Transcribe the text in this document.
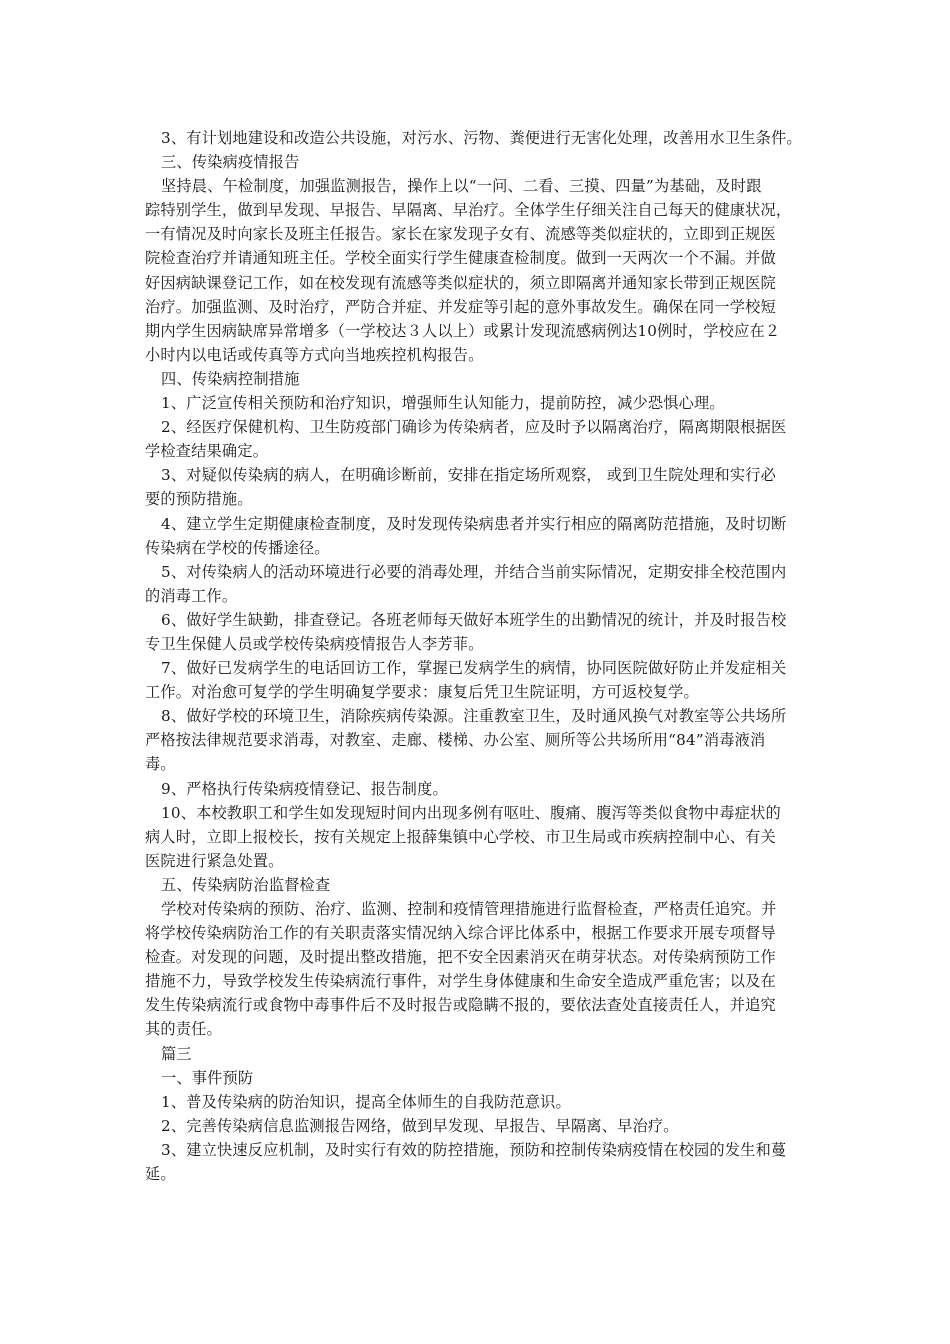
3、有计划地建设和改造公共设施，对污水、污物、粪便进行无害化处理，改善用水卫生条件。
三、传染病疫情报告
坚持晨、午检制度，加强监测报告，操作上以“一问、二看、三摸、四量”为基础，及时跟
踪特别学生，做到早发现、早报告、早隔离、早治疗。全体学生仔细关注自己每天的健康状况，
一有情况及时向家长及班主任报告。家长在家发现子女有、流感等类似症状的，立即到正规医
院检查治疗并请通知班主任。学校全面实行学生健康查检制度。做到一天两次一个不漏。并做
好因病缺课登记工作，如在校发现有流感等类似症状的，须立即隔离并通知家长带到正规医院
治疗。加强监测、及时治疗，严防合并症、并发症等引起的意外事故发生。确保在同一学校短
期内学生因病缺席异常增多（一学校达３人以上）或累计发现流感病例达10例时，学校应在２
小时内以电话或传真等方式向当地疾控机构报告。
四、传染病控制措施
1、广泛宣传相关预防和治疗知识，增强师生认知能力，提前防控，减少恐惧心理。
2、经医疗保健机构、卫生防疫部门确诊为传染病者，应及时予以隔离治疗，隔离期限根据医
学检查结果确定。
3、对疑似传染病的病人，在明确诊断前，安排在指定场所观察， 或到卫生院处理和实行必
要的预防措施。
4、建立学生定期健康检查制度，及时发现传染病患者并实行相应的隔离防范措施，及时切断
传染病在学校的传播途径。
5、对传染病人的活动环境进行必要的消毒处理，并结合当前实际情况，定期安排全校范围内
的消毒工作。
6、做好学生缺勤，排查登记。各班老师每天做好本班学生的出勤情况的统计，并及时报告校
专卫生保健人员或学校传染病疫情报告人李芳菲。
7、做好已发病学生的电话回访工作，掌握已发病学生的病情，协同医院做好防止并发症相关
工作。对治愈可复学的学生明确复学要求：康复后凭卫生院证明，方可返校复学。
8、做好学校的环境卫生，消除疾病传染源。注重教室卫生，及时通风换气对教室等公共场所
严格按法律规范要求消毒，对教室、走廊、楼梯、办公室、厕所等公共场所用“84”消毒液消
毒。
9、严格执行传染病疫情登记、报告制度。
10、本校教职工和学生如发现短时间内出现多例有呕吐、腹痛、腹泻等类似食物中毒症状的
病人时，立即上报校长，按有关规定上报薛集镇中心学校、市卫生局或市疾病控制中心、有关
医院进行紧急处置。
五、传染病防治监督检查
学校对传染病的预防、治疗、监测、控制和疫情管理措施进行监督检查，严格责任追究。并
将学校传染病防治工作的有关职责落实情况纳入综合评比体系中，根据工作要求开展专项督导
检查。对发现的问题，及时提出整改措施，把不安全因素消灭在萌芽状态。对传染病预防工作
措施不力，导致学校发生传染病流行事件，对学生身体健康和生命安全造成严重危害；以及在
发生传染病流行或食物中毒事件后不及时报告或隐瞒不报的，要依法查处直接责任人，并追究
其的责任。
篇三
一、事件预防
1、普及传染病的防治知识，提高全体师生的自我防范意识。
2、完善传染病信息监测报告网络，做到早发现、早报告、早隔离、早治疗。
3、建立快速反应机制，及时实行有效的防控措施，预防和控制传染病疫情在校园的发生和蔓
延。
